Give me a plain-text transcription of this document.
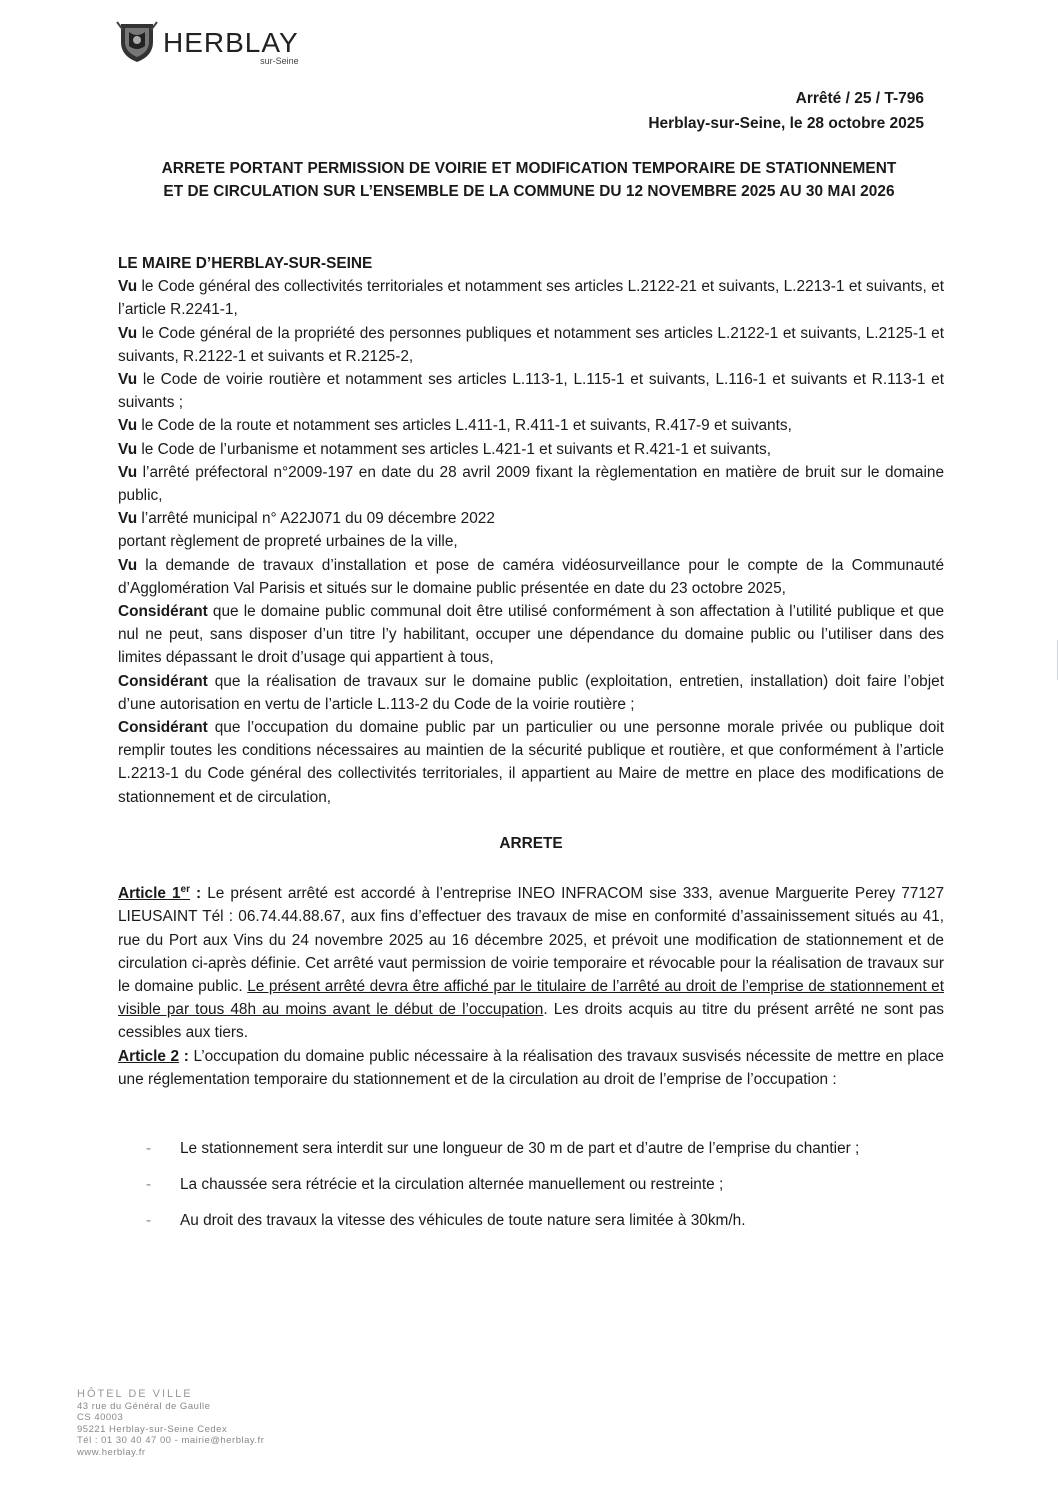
HERBLAY
sur-Seine
Arrêté / 25 / T-796
Herblay-sur-Seine, le 28 octobre 2025
ARRETE PORTANT PERMISSION DE VOIRIE ET MODIFICATION TEMPORAIRE DE STATIONNEMENT
ET DE CIRCULATION SUR L’ENSEMBLE DE LA COMMUNE DU 12 NOVEMBRE 2025 AU 30 MAI 2026

LE MAIRE D’HERBLAY-SUR-SEINE

Vu le Code général des collectivités territoriales et notamment ses articles L.2122-21 et suivants, L.2213-1 et suivants, et l’article R.2241-1,

Vu le Code général de la propriété des personnes publiques et notamment ses articles L.2122-1 et suivants, L.2125-1 et suivants, R.2122-1 et suivants et R.2125-2,

Vu le Code de voirie routière et notamment ses articles L.113-1, L.115-1 et suivants, L.116-1 et suivants et R.113-1 et suivants ;

Vu le Code de la route et notamment ses articles L.411-1, R.411-1 et suivants, R.417-9 et suivants,

Vu le Code de l’urbanisme et notamment ses articles L.421-1 et suivants et R.421-1 et suivants,

Vu l’arrêté préfectoral n°2009-197 en date du 28 avril 2009 fixant la règlementation en matière de bruit sur le domaine public,

Vu l’arrêté municipal n° A22J071 du 09 décembre 2022

portant règlement de propreté urbaines de la ville,

Vu la demande de travaux d’installation et pose de caméra vidéosurveillance pour le compte de la Communauté d’Agglomération Val Parisis et situés sur le domaine public présentée en date du 23 octobre 2025,

Considérant que le domaine public communal doit être utilisé conformément à son affectation à l’utilité publique et que nul ne peut, sans disposer d’un titre l’y habilitant, occuper une dépendance du domaine public ou l’utiliser dans des limites dépassant le droit d’usage qui appartient à tous,

Considérant que la réalisation de travaux sur le domaine public (exploitation, entretien, installation) doit faire l’objet d’une autorisation en vertu de l’article L.113-2 du Code de la voirie routière ;

Considérant que l’occupation du domaine public par un particulier ou une personne morale privée ou publique doit remplir toutes les conditions nécessaires au maintien de la sécurité publique et routière, et que conformément à l’article L.2213-1 du Code général des collectivités territoriales, il appartient au Maire de mettre en place des modifications de stationnement et de circulation,

ARRETE

Article 1er : Le présent arrêté est accordé à l’entreprise INEO INFRACOM sise 333, avenue Marguerite Perey 77127 LIEUSAINT Tél : 06.74.44.88.67, aux fins d’effectuer des travaux de mise en conformité d’assainissement situés au 41, rue du Port aux Vins du 24 novembre 2025 au 16 décembre 2025, et prévoit une modification de stationnement et de circulation ci-après définie. Cet arrêté vaut permission de voirie temporaire et révocable pour la réalisation de travaux sur le domaine public. Le présent arrêté devra être affiché par le titulaire de l’arrêté au droit de l’emprise de stationnement et visible par tous 48h au moins avant le début de l’occupation. Les droits acquis au titre du présent arrêté ne sont pas cessibles aux tiers.

Article 2 : L’occupation du domaine public nécessaire à la réalisation des travaux susvisés nécessite de mettre en place une réglementation temporaire du stationnement et de la circulation au droit de l’emprise de l’occupation :

- Le stationnement sera interdit sur une longueur de 30 m de part et d’autre de l’emprise du chantier ;
- La chaussée sera rétrécie et la circulation alternée manuellement ou restreinte ;
- Au droit des travaux la vitesse des véhicules de toute nature sera limitée à 30km/h.
HÔTEL DE VILLE
43 rue du Général de Gaulle
CS 40003
95221 Herblay-sur-Seine Cedex
Tél : 01 30 40 47 00 - mairie@herblay.fr
www.herblay.fr
